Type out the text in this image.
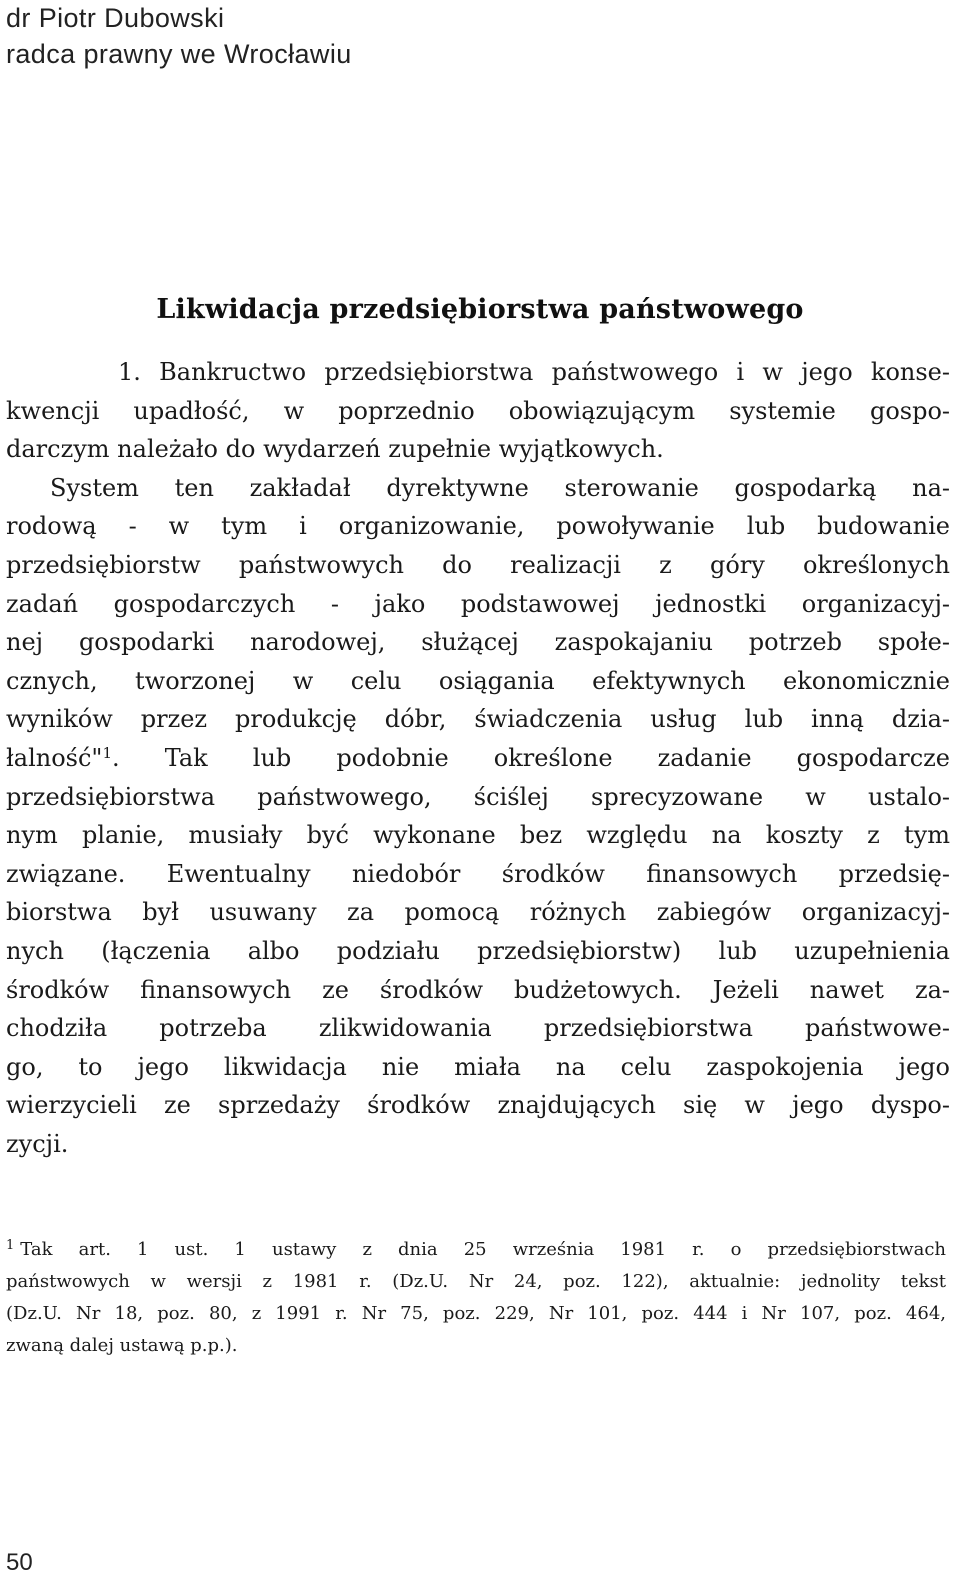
dr Piotr Dubowski
radca prawny we Wrocławiu
Likwidacja przedsiębiorstwa państwowego
1. Bankructwo przedsiębiorstwa państwowego i w jego konse-
kwencji upadłość, w poprzednio obowiązującym systemie gospo-
darczym należało do wydarzeń zupełnie wyjątkowych.
System ten zakładał dyrektywne sterowanie gospodarką na-
rodową - w tym i organizowanie, powoływanie lub budowanie
przedsiębiorstw państwowych do realizacji z góry określonych
zadań gospodarczych - jako podstawowej jednostki organizacyj-
nej gospodarki narodowej, służącej zaspokajaniu potrzeb społe-
cznych, tworzonej w celu osiągania efektywnych ekonomicznie
wyników przez produkcję dóbr, świadczenia usług lub inną dzia-
łalność"$^1$. Tak lub podobnie określone zadanie gospodarcze
przedsiębiorstwa państwowego, ściślej sprecyzowane w ustalo-
nym planie, musiały być wykonane bez względu na koszty z tym
związane. Ewentualny niedobór środków finansowych przedsię-
biorstwa był usuwany za pomocą różnych zabiegów organizacyj-
nych (łączenia albo podziału przedsiębiorstw) lub uzupełnienia
środków finansowych ze środków budżetowych. Jeżeli nawet za-
chodziła potrzeba zlikwidowania przedsiębiorstwa państwowe-
go, to jego likwidacja nie miała na celu zaspokojenia jego
wierzycieli ze sprzedaży środków znajdujących się w jego dyspo-
zycji.
$^1$ Tak art. 1 ust. 1 ustawy z dnia 25 września 1981 r. o przedsiębiorstwach
państwowych w wersji z 1981 r. (Dz.U. Nr 24, poz. 122), aktualnie: jednolity tekst
(Dz.U. Nr 18, poz. 80, z 1991 r. Nr 75, poz. 229, Nr 101, poz. 444 i Nr 107, poz. 464,
zwaną dalej ustawą p.p.).
50
